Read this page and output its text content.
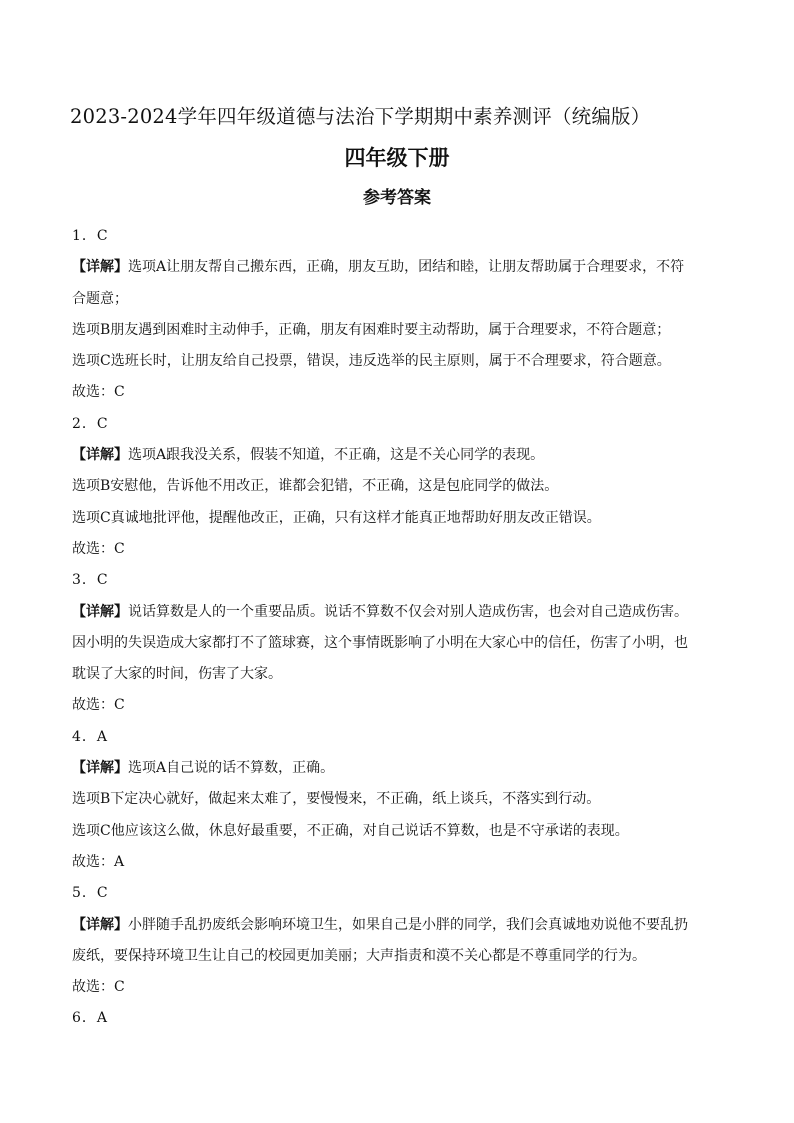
2023-2024学年四年级道德与法治下学期期中素养测评（统编版）
四年级下册
参考答案

1．C

【详解】选项A让朋友帮自己搬东西，正确，朋友互助，团结和睦，让朋友帮助属于合理要求，不符合题意；

选项B朋友遇到困难时主动伸手，正确，朋友有困难时要主动帮助，属于合理要求，不符合题意；

选项C选班长时，让朋友给自己投票，错误，违反选举的民主原则，属于不合理要求，符合题意。

故选：C

2．C

【详解】选项A跟我没关系，假装不知道，不正确，这是不关心同学的表现。

选项B安慰他，告诉他不用改正，谁都会犯错，不正确，这是包庇同学的做法。

选项C真诚地批评他，提醒他改正，正确，只有这样才能真正地帮助好朋友改正错误。

故选：C

3．C

【详解】说话算数是人的一个重要品质。说话不算数不仅会对别人造成伤害，也会对自己造成伤害。因小明的失误造成大家都打不了篮球赛，这个事情既影响了小明在大家心中的信任，伤害了小明，也耽误了大家的时间，伤害了大家。

故选：C

4．A

【详解】选项A自己说的话不算数，正确。

选项B下定决心就好，做起来太难了，要慢慢来，不正确，纸上谈兵，不落实到行动。

选项C他应该这么做，休息好最重要，不正确，对自己说话不算数，也是不守承诺的表现。

故选：A

5．C

【详解】小胖随手乱扔废纸会影响环境卫生，如果自己是小胖的同学，我们会真诚地劝说他不要乱扔废纸，要保持环境卫生让自己的校园更加美丽；大声指责和漠不关心都是不尊重同学的行为。

故选：C

6．A
